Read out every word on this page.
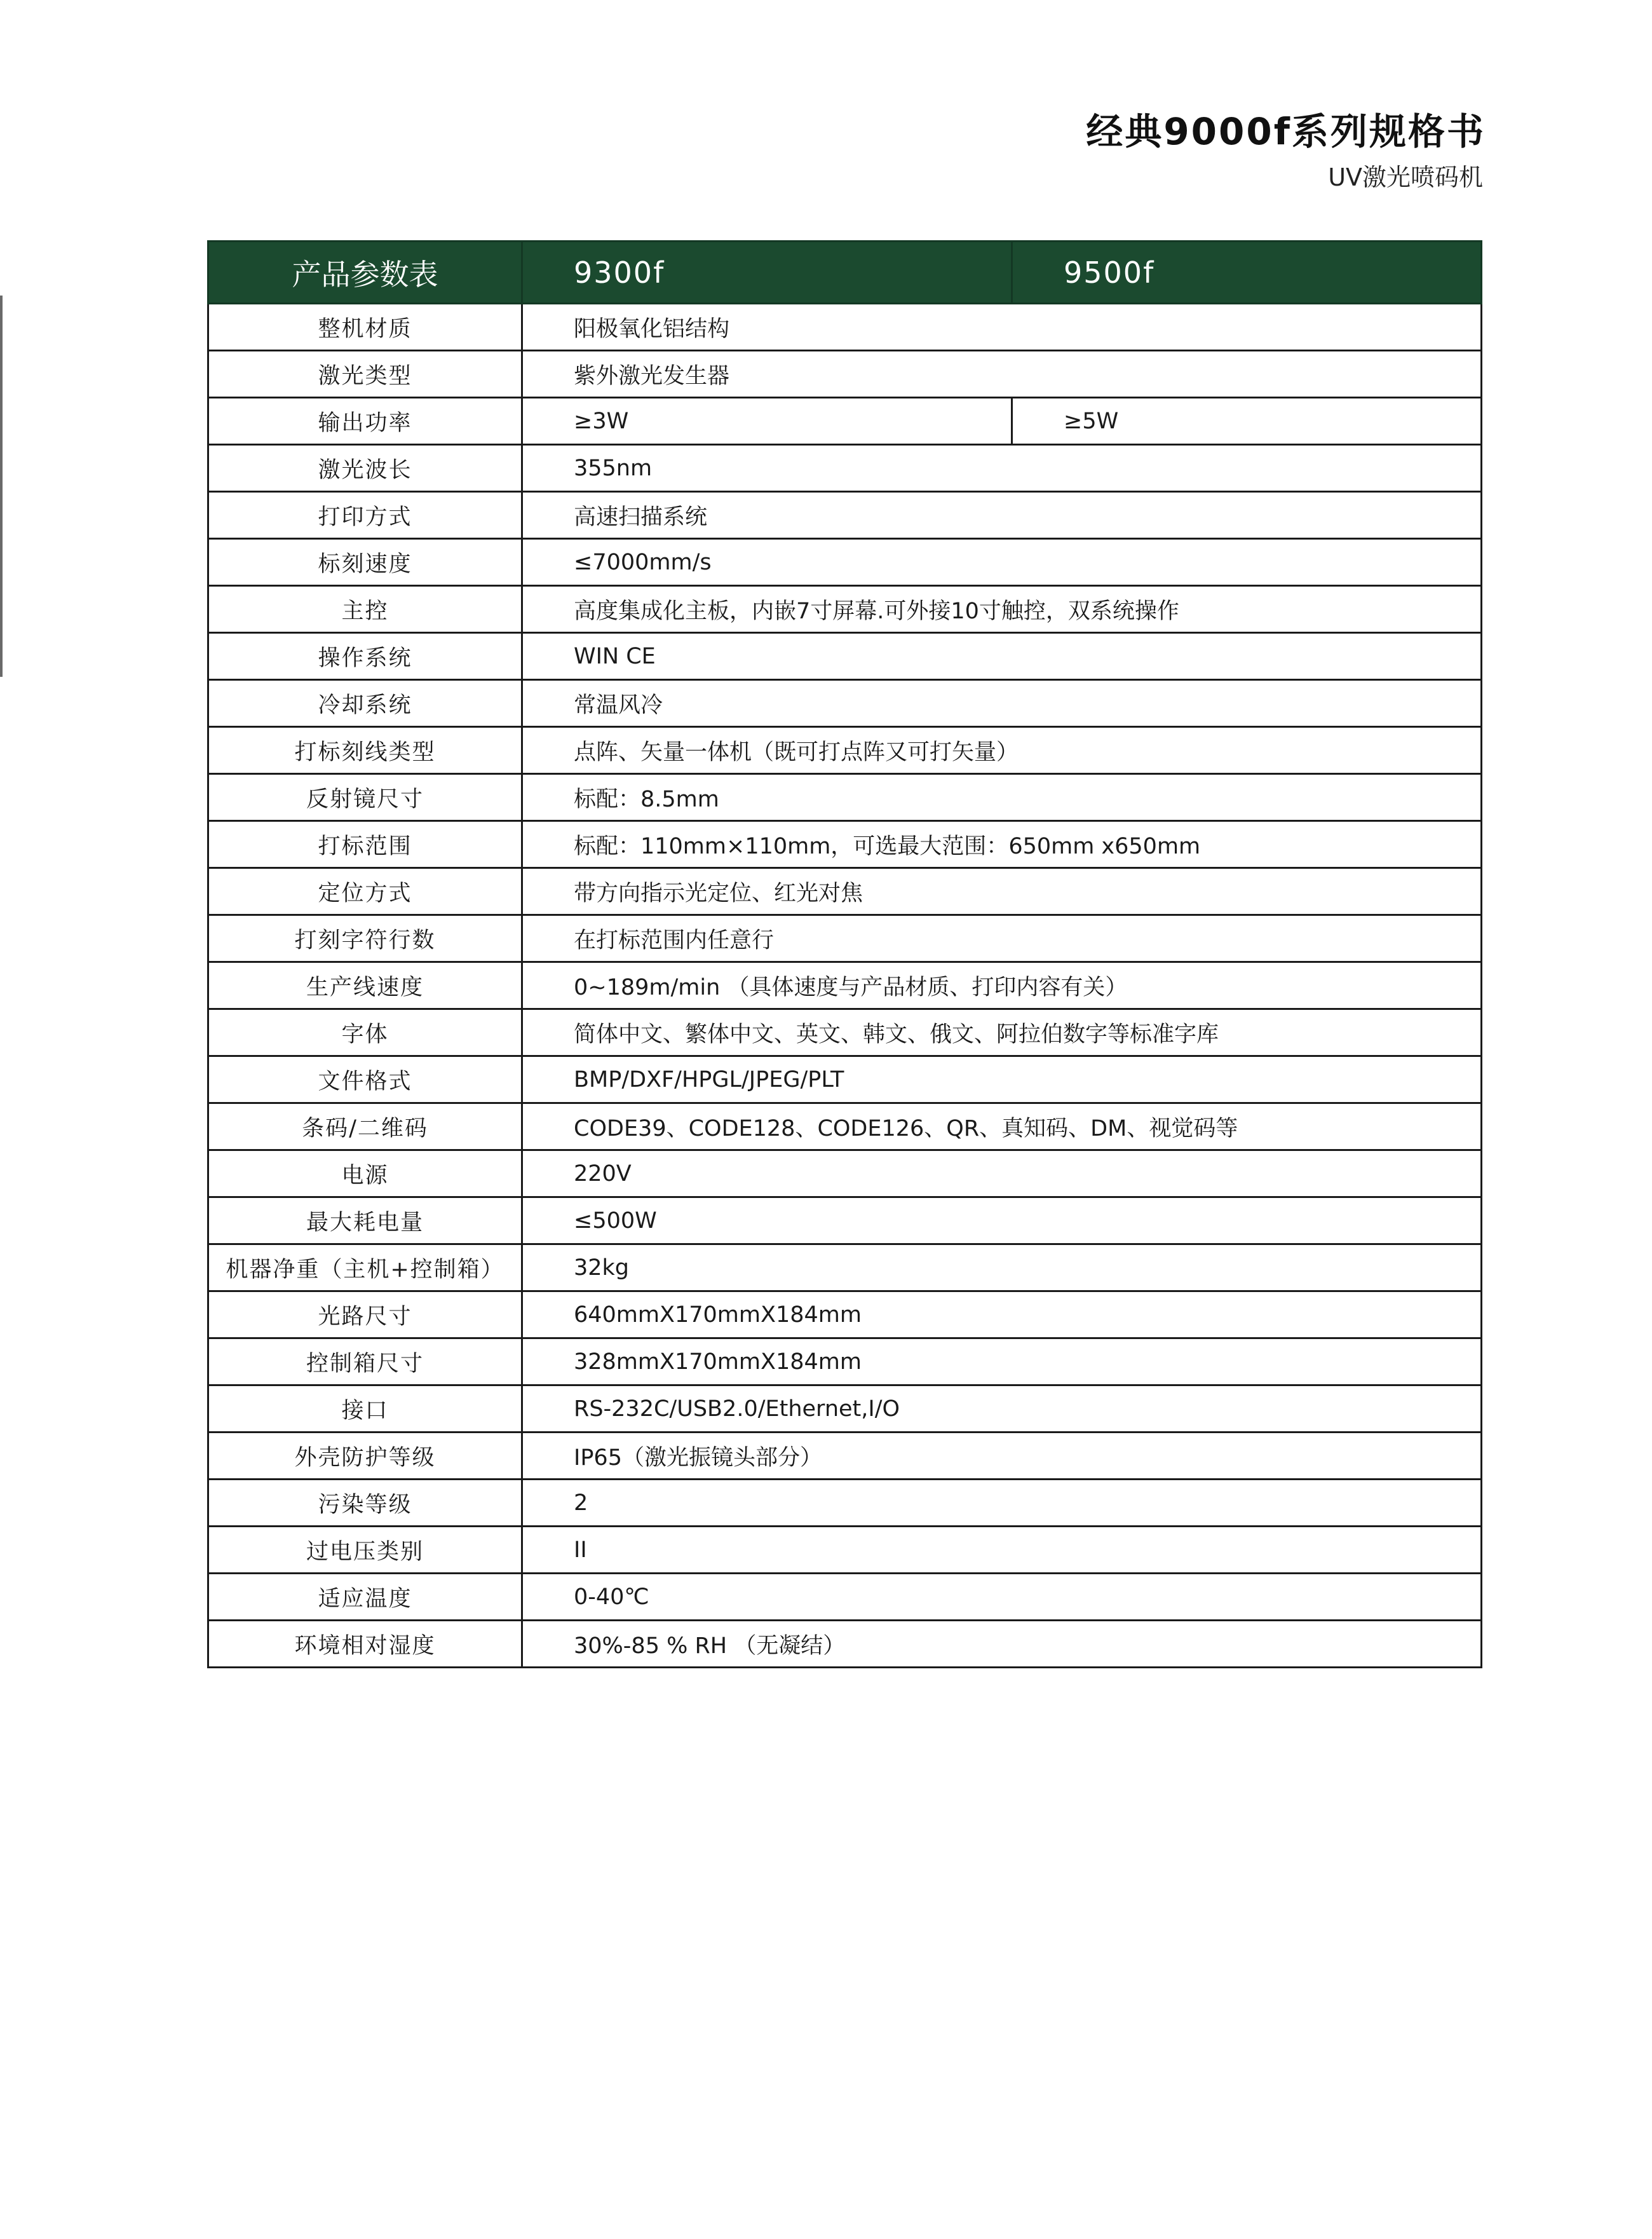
经典9000f系列规格书
UV激光喷码机
产品参数表	9300f	9500f
整机材质	阳极氧化铝结构	
激光类型	紫外激光发生器	
输出功率	≥3W	≥5W
激光波长	355nm	
打印方式	高速扫描系统	
标刻速度	≤7000mm/s	
主控	高度集成化主板，内嵌7寸屏幕.可外接10寸触控，双系统操作	
操作系统	WIN CE	
冷却系统	常温风冷	
打标刻线类型	点阵、矢量一体机（既可打点阵又可打矢量）	
反射镜尺寸	标配：8.5mm	
打标范围	标配：110mm×110mm，可选最大范围：650mm x650mm	
定位方式	带方向指示光定位、红光对焦	
打刻字符行数	在打标范围内任意行	
生产线速度	0~189m/min （具体速度与产品材质、打印内容有关）	
字体	简体中文、繁体中文、英文、韩文、俄文、阿拉伯数字等标准字库	
文件格式	BMP/DXF/HPGL/JPEG/PLT	
条码/二维码	CODE39、CODE128、CODE126、QR、真知码、DM、视觉码等	
电源	220V	
最大耗电量	≤500W	
机器净重（主机+控制箱）	32kg	
光路尺寸	640mmX170mmX184mm	
控制箱尺寸	328mmX170mmX184mm	
接口	RS-232C/USB2.0/Ethernet,I/O	
外壳防护等级	IP65（激光振镜头部分）	
污染等级	2	
过电压类别	II	
适应温度	0-40℃	
环境相对湿度	30%-85 % RH （无凝结）	
